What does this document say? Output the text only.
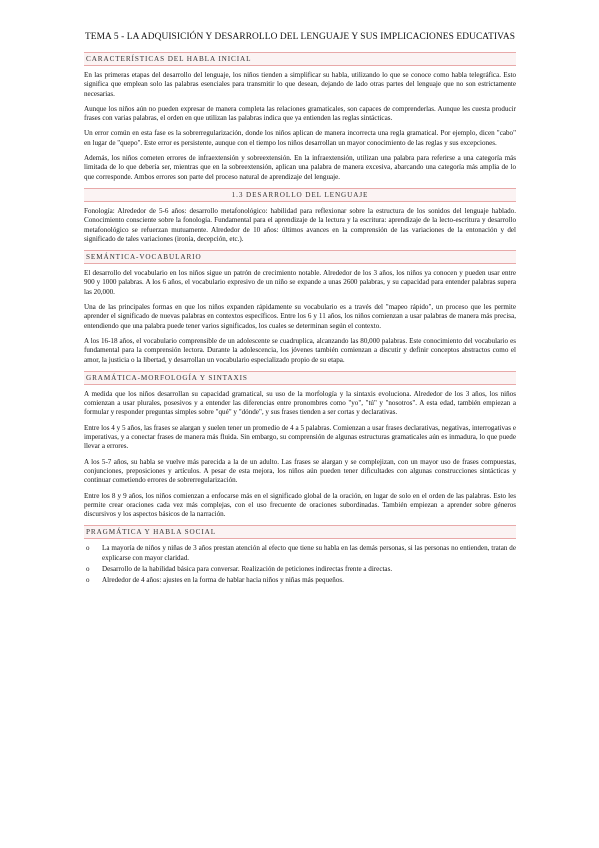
TEMA 5 - LA ADQUISICIÓN Y DESARROLLO DEL LENGUAJE Y SUS IMPLICACIONES EDUCATIVAS
CARACTERÍSTICAS DEL HABLA INICIAL

En las primeras etapas del desarrollo del lenguaje, los niños tienden a simplificar su habla, utilizando lo que se conoce como habla telegráfica. Esto significa que emplean solo las palabras esenciales para transmitir lo que desean, dejando de lado otras partes del lenguaje que no son estrictamente necesarias.

Aunque los niños aún no pueden expresar de manera completa las relaciones gramaticales, son capaces de comprenderlas. Aunque les cuesta producir frases con varias palabras, el orden en que utilizan las palabras indica que ya entienden las reglas sintácticas.

Un error común en esta fase es la sobrerregularización, donde los niños aplican de manera incorrecta una regla gramatical. Por ejemplo, dicen "cabo" en lugar de "quepo". Este error es persistente, aunque con el tiempo los niños desarrollan un mayor conocimiento de las reglas y sus excepciones.

Además, los niños cometen errores de infraextensión y sobreextensión. En la infraextensión, utilizan una palabra para referirse a una categoría más limitada de lo que debería ser, mientras que en la sobreextensión, aplican una palabra de manera excesiva, abarcando una categoría más amplia de lo que corresponde. Ambos errores son parte del proceso natural de aprendizaje del lenguaje.

1.3 DESARROLLO DEL LENGUAJE

Fonología: Alrededor de 5-6 años: desarrollo metafonológico: habilidad para reflexionar sobre la estructura de los sonidos del lenguaje hablado. Conocimiento consciente sobre la fonología. Fundamental para el aprendizaje de la lectura y la escritura: aprendizaje de la lecto-escritura y desarrollo metafonológico se refuerzan mutuamente. Alrededor de 10 años: últimos avances en la comprensión de las variaciones de la entonación y del significado de tales variaciones (ironía, decepción, etc.).

SEMÁNTICA-VOCABULARIO

El desarrollo del vocabulario en los niños sigue un patrón de crecimiento notable. Alrededor de los 3 años, los niños ya conocen y pueden usar entre 900 y 1000 palabras. A los 6 años, el vocabulario expresivo de un niño se expande a unas 2600 palabras, y su capacidad para entender palabras supera las 20,000.

Una de las principales formas en que los niños expanden rápidamente su vocabulario es a través del "mapeo rápido", un proceso que les permite aprender el significado de nuevas palabras en contextos específicos. Entre los 6 y 11 años, los niños comienzan a usar palabras de manera más precisa, entendiendo que una palabra puede tener varios significados, los cuales se determinan según el contexto.

A los 16-18 años, el vocabulario comprensible de un adolescente se cuadruplica, alcanzando las 80,000 palabras. Este conocimiento del vocabulario es fundamental para la comprensión lectora. Durante la adolescencia, los jóvenes también comienzan a discutir y definir conceptos abstractos como el amor, la justicia o la libertad, y desarrollan un vocabulario especializado propio de su etapa.

GRAMÁTICA-MORFOLOGÍA Y SINTAXIS

A medida que los niños desarrollan su capacidad gramatical, su uso de la morfología y la sintaxis evoluciona. Alrededor de los 3 años, los niños comienzan a usar plurales, posesivos y a entender las diferencias entre pronombres como "yo", "tú" y "nosotros". A esta edad, también empiezan a formular y responder preguntas simples sobre "qué" y "dónde", y sus frases tienden a ser cortas y declarativas.

Entre los 4 y 5 años, las frases se alargan y suelen tener un promedio de 4 a 5 palabras. Comienzan a usar frases declarativas, negativas, interrogativas e imperativas, y a conectar frases de manera más fluida. Sin embargo, su comprensión de algunas estructuras gramaticales aún es inmadura, lo que puede llevar a errores.

A los 5-7 años, su habla se vuelve más parecida a la de un adulto. Las frases se alargan y se complejizan, con un mayor uso de frases compuestas, conjunciones, preposiciones y artículos. A pesar de esta mejora, los niños aún pueden tener dificultades con algunas construcciones sintácticas y continuar cometiendo errores de sobrerregularización.

Entre los 8 y 9 años, los niños comienzan a enfocarse más en el significado global de la oración, en lugar de solo en el orden de las palabras. Esto les permite crear oraciones cada vez más complejas, con el uso frecuente de oraciones subordinadas. También empiezan a aprender sobre géneros discursivos y los aspectos básicos de la narración.

PRAGMÁTICA Y HABLA SOCIAL
o La mayoría de niños y niñas de 3 años prestan atención al efecto que tiene su habla en las demás personas, si las personas no entienden, tratan de explicarse con mayor claridad.
o Desarrollo de la habilidad básica para conversar. Realización de peticiones indirectas frente a directas.
o Alrededor de 4 años: ajustes en la forma de hablar hacia niños y niñas más pequeños.
